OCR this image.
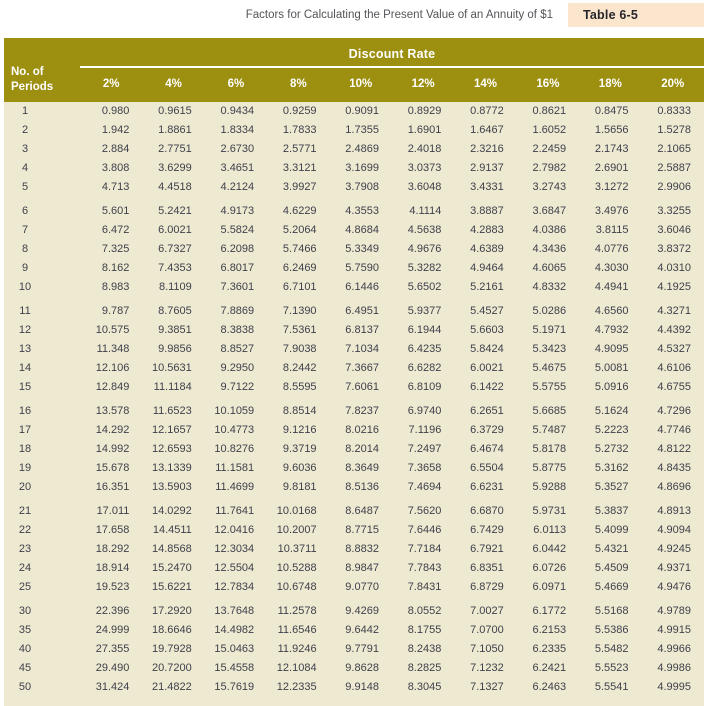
Factors for Calculating the Present Value of an Annuity of $1	Table 6-5
No. of
Periods	Discount Rate									
	2%	4%	6%	8%	10%	12%	14%	16%	18%	20%
1	0.980	0.9615	0.9434	0.9259	0.9091	0.8929	0.8772	0.8621	0.8475	0.8333
2	1.942	1.8861	1.8334	1.7833	1.7355	1.6901	1.6467	1.6052	1.5656	1.5278
3	2.884	2.7751	2.6730	2.5771	2.4869	2.4018	2.3216	2.2459	2.1743	2.1065
4	3.808	3.6299	3.4651	3.3121	3.1699	3.0373	2.9137	2.7982	2.6901	2.5887
5	4.713	4.4518	4.2124	3.9927	3.7908	3.6048	3.4331	3.2743	3.1272	2.9906

6	5.601	5.2421	4.9173	4.6229	4.3553	4.1114	3.8887	3.6847	3.4976	3.3255
7	6.472	6.0021	5.5824	5.2064	4.8684	4.5638	4.2883	4.0386	3.8115	3.6046
8	7.325	6.7327	6.2098	5.7466	5.3349	4.9676	4.6389	4.3436	4.0776	3.8372
9	8.162	7.4353	6.8017	6.2469	5.7590	5.3282	4.9464	4.6065	4.3030	4.0310
10	8.983	8.1109	7.3601	6.7101	6.1446	5.6502	5.2161	4.8332	4.4941	4.1925

11	9.787	8.7605	7.8869	7.1390	6.4951	5.9377	5.4527	5.0286	4.6560	4.3271
12	10.575	9.3851	8.3838	7.5361	6.8137	6.1944	5.6603	5.1971	4.7932	4.4392
13	11.348	9.9856	8.8527	7.9038	7.1034	6.4235	5.8424	5.3423	4.9095	4.5327
14	12.106	10.5631	9.2950	8.2442	7.3667	6.6282	6.0021	5.4675	5.0081	4.6106
15	12.849	11.1184	9.7122	8.5595	7.6061	6.8109	6.1422	5.5755	5.0916	4.6755

16	13.578	11.6523	10.1059	8.8514	7.8237	6.9740	6.2651	5.6685	5.1624	4.7296
17	14.292	12.1657	10.4773	9.1216	8.0216	7.1196	6.3729	5.7487	5.2223	4.7746
18	14.992	12.6593	10.8276	9.3719	8.2014	7.2497	6.4674	5.8178	5.2732	4.8122
19	15.678	13.1339	11.1581	9.6036	8.3649	7.3658	6.5504	5.8775	5.3162	4.8435
20	16.351	13.5903	11.4699	9.8181	8.5136	7.4694	6.6231	5.9288	5.3527	4.8696

21	17.011	14.0292	11.7641	10.0168	8.6487	7.5620	6.6870	5.9731	5.3837	4.8913
22	17.658	14.4511	12.0416	10.2007	8.7715	7.6446	6.7429	6.0113	5.4099	4.9094
23	18.292	14.8568	12.3034	10.3711	8.8832	7.7184	6.7921	6.0442	5.4321	4.9245
24	18.914	15.2470	12.5504	10.5288	8.9847	7.7843	6.8351	6.0726	5.4509	4.9371
25	19.523	15.6221	12.7834	10.6748	9.0770	7.8431	6.8729	6.0971	5.4669	4.9476

30	22.396	17.2920	13.7648	11.2578	9.4269	8.0552	7.0027	6.1772	5.5168	4.9789
35	24.999	18.6646	14.4982	11.6546	9.6442	8.1755	7.0700	6.2153	5.5386	4.9915
40	27.355	19.7928	15.0463	11.9246	9.7791	8.2438	7.1050	6.2335	5.5482	4.9966
45	29.490	20.7200	15.4558	12.1084	9.8628	8.2825	7.1232	6.2421	5.5523	4.9986
50	31.424	21.4822	15.7619	12.2335	9.9148	8.3045	7.1327	6.2463	5.5541	4.9995
